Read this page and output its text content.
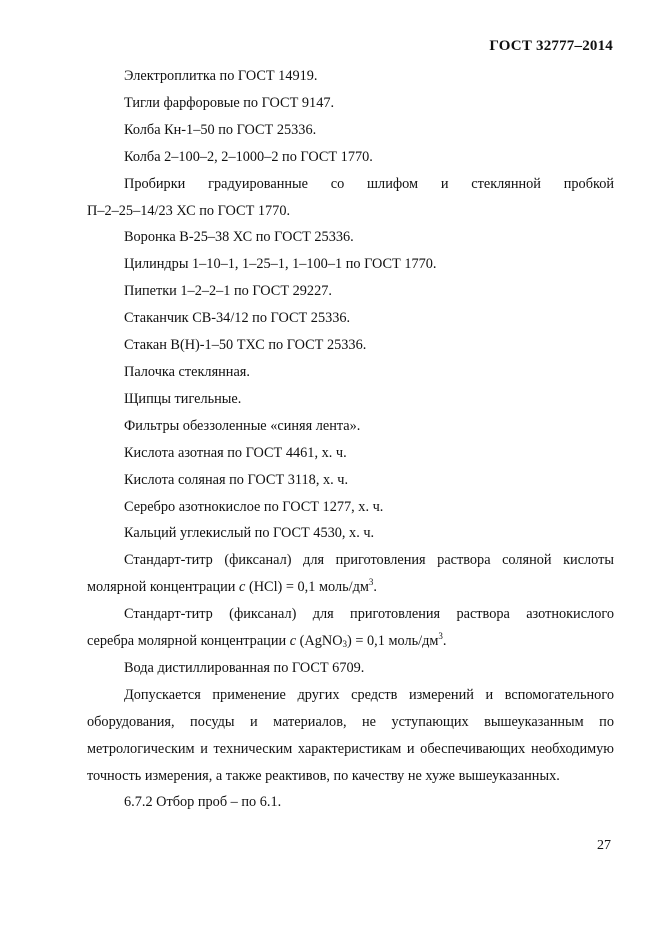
ГОСТ 32777–2014

Электроплитка по ГОСТ 14919.

Тигли фарфоровые по ГОСТ 9147.

Колба Кн-1–50 по ГОСТ 25336.

Колба 2–100–2, 2–1000–2 по ГОСТ 1770.

Пробирки градуированные со шлифом и стеклянной пробкой

П–2–25–14/23 ХС по ГОСТ 1770.

Воронка В-25–38 ХС по ГОСТ 25336.

Цилиндры 1–10–1, 1–25–1, 1–100–1 по ГОСТ 1770.

Пипетки 1–2–2–1 по ГОСТ 29227.

Стаканчик СВ-34/12 по ГОСТ 25336.

Стакан В(Н)-1–50 ТХС по ГОСТ 25336.

Палочка стеклянная.

Щипцы тигельные.

Фильтры обеззоленные «синяя лента».

Кислота азотная по ГОСТ 4461, х. ч.

Кислота соляная по ГОСТ 3118, х. ч.

Серебро азотнокислое по ГОСТ 1277, х. ч.

Кальций углекислый по ГОСТ 4530, х. ч.

Стандарт-титр (фиксанал) для приготовления раствора соляной кислоты

молярной концентрации c (HCl) = 0,1 моль/$дм^3$.

Стандарт-титр (фиксанал) для приготовления раствора азотнокислого

серебра молярной концентрации c (AgNO$_3$) = 0,1 моль/$дм^3$.

Вода дистиллированная по ГОСТ 6709.

Допускается применение других средств измерений и вспомогательного оборудования, посуды и материалов, не уступающих вышеуказанным по метрологическим и техническим характеристикам и обеспечивающих необходимую точность измерения, а также реактивов, по качеству не хуже вышеуказанных.

6.7.2 Отбор проб – по 6.1.

27
